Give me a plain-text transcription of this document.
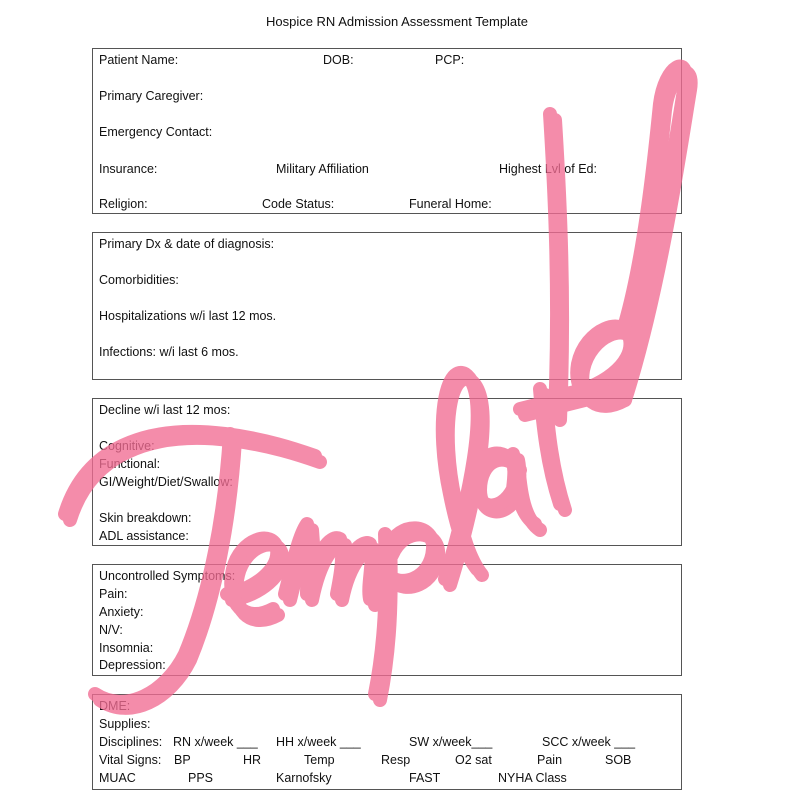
Hospice RN Admission Assessment Template
Patient Name:	DOB:	PCP:
Primary Caregiver:
Emergency Contact:
Insurance:	Military Affiliation	Highest Lvl of Ed:
Religion:	Code Status:	Funeral Home:
Primary Dx & date of diagnosis:
Comorbidities:
Hospitalizations w/i last 12 mos.
Infections: w/i last 6 mos.
Decline w/i last 12 mos:
Cognitive:
Functional:
GI/Weight/Diet/Swallow:
Skin breakdown:
ADL assistance:
Uncontrolled Symptoms:
Pain:
Anxiety:
N/V:
Insomnia:
Depression:
DME:
Supplies:
Disciplines: RN x/week ___ HH x/week ___	SW x/week___	SCC x/week ___
Vital Signs: BP	HR	Temp	Resp	O2 sat	Pain	SOB
MUAC	PPS	Karnofsky	FAST	NYHA Class
